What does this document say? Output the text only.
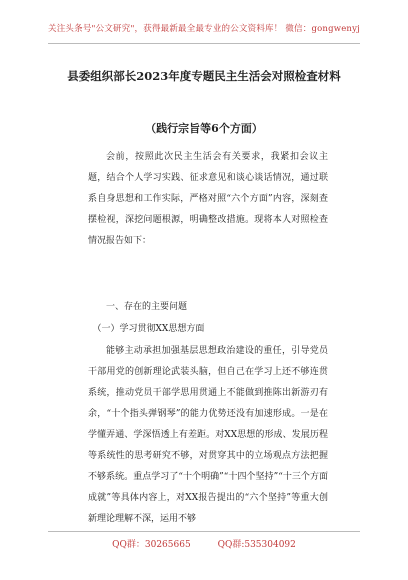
关注头条号"公文研究"，获得最新最全最专业的公文资料库！ 微信：gongwenyj
县委组织部长2023年度专题民主生活会对照检查材料
（践行宗旨等6个方面）
会前，按照此次民主生活会有关要求，我紧扣会议主题，结合个人学习实践、征求意见和谈心谈话情况，通过联系自身思想和工作实际，严格对照“六个方面”内容，深刻查摆检视，深挖问题根源，明确整改措施。现将本人对照检查情况报告如下：
一、存在的主要问题
（一）学习贯彻XX思想方面
能够主动承担加强基层思想政治建设的重任，引导党员干部用党的创新理论武装头脑，但自己在学习上还不够连贯系统，推动党员干部学思用贯通上不能做到推陈出新游刃有余，“十个指头弹钢琴”的能力优势还没有加速形成。一是在学懂弄通、学深悟透上有差距。对XX思想的形成、发展历程等系统性的思考研究不够，对贯穿其中的立场观点方法把握不够系统。重点学习了“十个明确”“十四个坚持”“十三个方面成就”等具体内容上，对XX报告提出的“六个坚持”等重大创新理论理解不深，运用不够
QQ群：30265665	QQ群:535304092
